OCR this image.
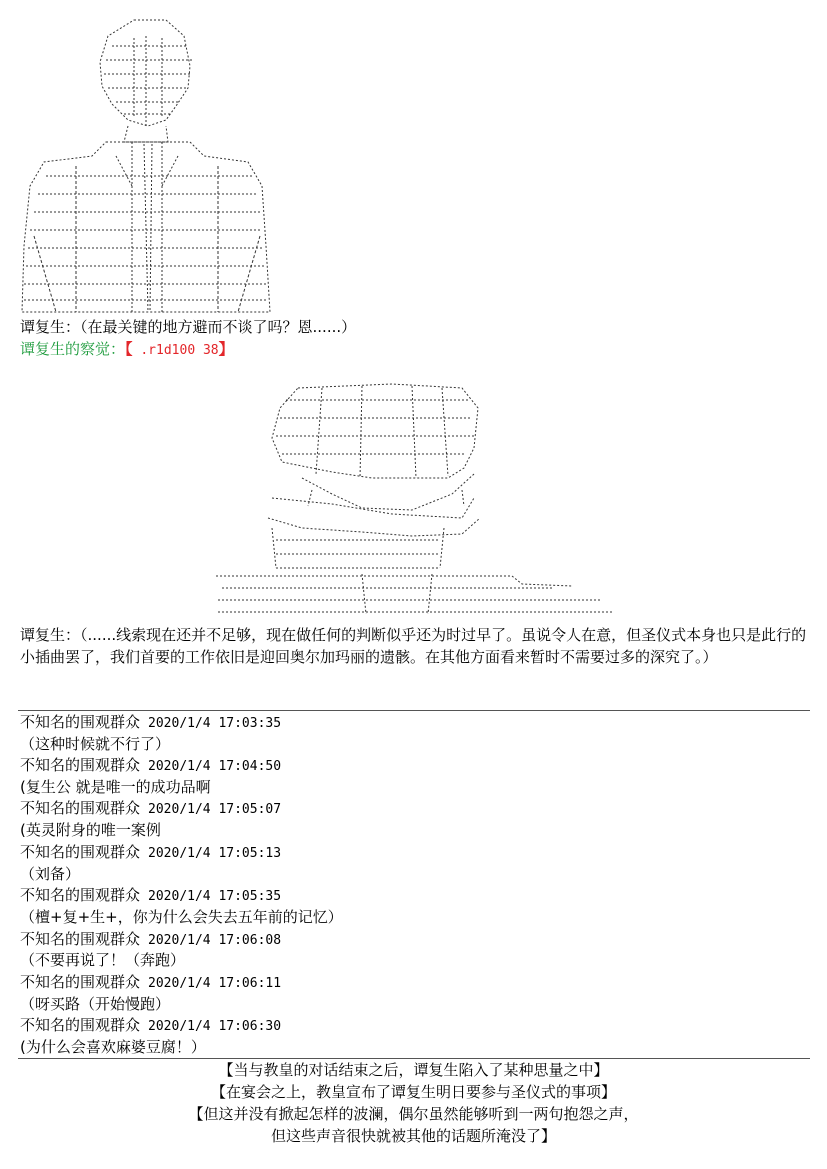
谭复生：（在最关键的地方避而不谈了吗？恩......）
谭复生的察觉：【 .r1d100 38】
谭复生：（......线索现在还并不足够，现在做任何的判断似乎还为时过早了。虽说令人在意，但圣仪式本身也只是此行的小插曲罢了，我们首要的工作依旧是迎回奥尔加玛丽的遗骸。在其他方面看来暂时不需要过多的深究了。）
不知名的围观群众 2020/1/4 17:03:35
（这种时候就不行了）
不知名的围观群众 2020/1/4 17:04:50
(复生公 就是唯一的成功品啊
不知名的围观群众 2020/1/4 17:05:07
(英灵附身的唯一案例
不知名的围观群众 2020/1/4 17:05:13
（刘备）
不知名的围观群众 2020/1/4 17:05:35
（檀+复+生+，你为什么会失去五年前的记忆）
不知名的围观群众 2020/1/4 17:06:08
（不要再说了！（奔跑）
不知名的围观群众 2020/1/4 17:06:11
（呀买路（开始慢跑）
不知名的围观群众 2020/1/4 17:06:30
(为什么会喜欢麻婆豆腐！）
【当与教皇的对话结束之后，谭复生陷入了某种思量之中】
【在宴会之上，教皇宣布了谭复生明日要参与圣仪式的事项】
【但这并没有掀起怎样的波澜，偶尔虽然能够听到一两句抱怨之声，
但这些声音很快就被其他的话题所淹没了】
